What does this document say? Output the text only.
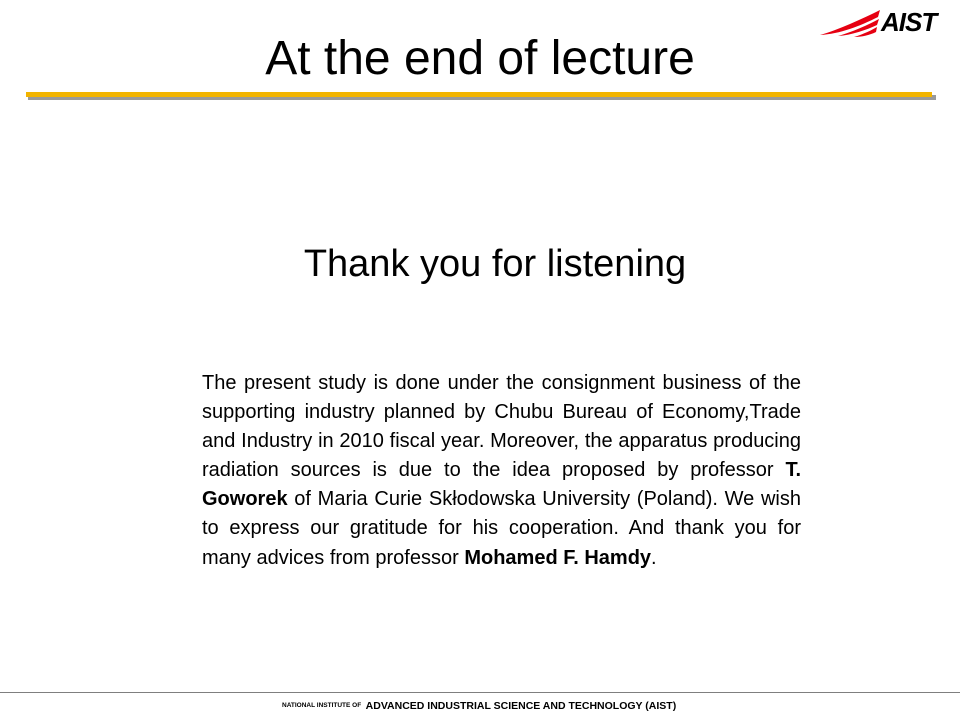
AIST
At the end of lecture
Thank you for listening

The present study is done under the consignment business of the supporting industry planned by Chubu Bureau of Economy,Trade and Industry in 2010 fiscal year. Moreover, the apparatus producing radiation sources is due to the idea proposed by professor T. Goworek of Maria Curie Skłodowska University (Poland). We wish to express our gratitude for his cooperation. And thank you for many advices from professor Mohamed F. Hamdy.

NATIONAL INSTITUTE OF ADVANCED INDUSTRIAL SCIENCE AND TECHNOLOGY (AIST)
